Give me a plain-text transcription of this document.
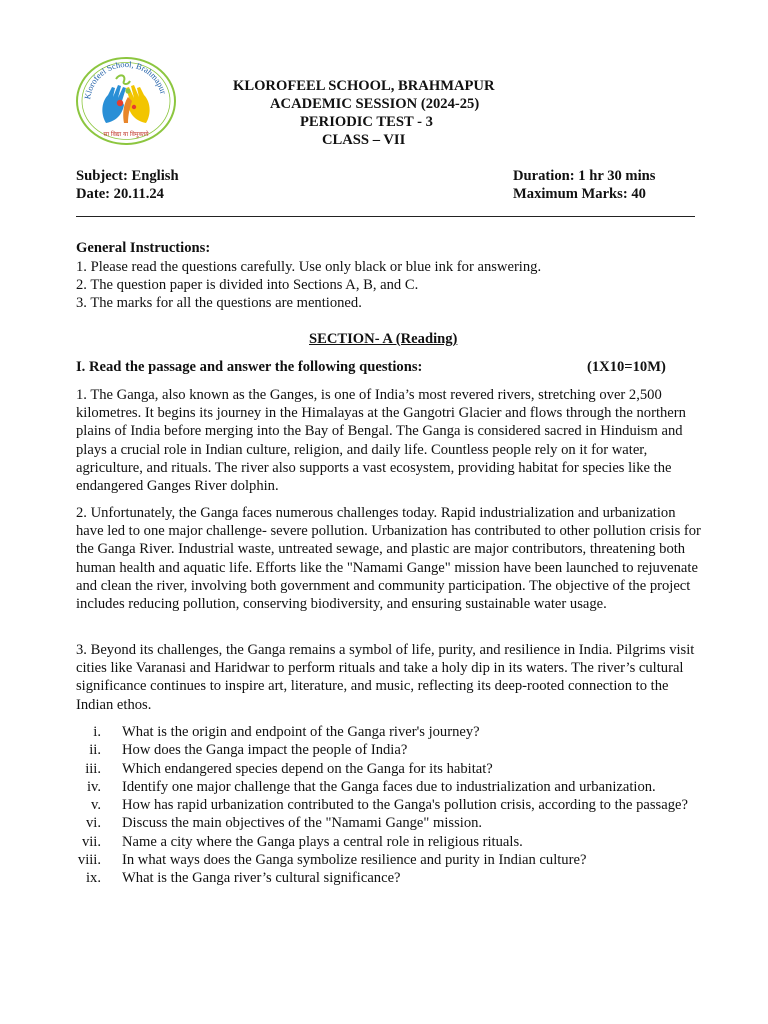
Klorofeel School, Brahmapur
सा विद्या या विमुक्तये
KLOROFEEL SCHOOL, BRAHMAPUR
ACADEMIC SESSION (2024-25)
PERIODIC TEST - 3
CLASS – VII
Subject: English	Duration: 1 hr 30 mins
Date: 20.11.24	Maximum Marks: 40
General Instructions:
1. Please read the questions carefully. Use only black or blue ink for answering.
2. The question paper is divided into Sections A, B, and C.
3. The marks for all the questions are mentioned.
SECTION- A (Reading)
I. Read the passage and answer the following questions:	(1X10=10M)
1. The Ganga, also known as the Ganges, is one of India’s most revered rivers, stretching over 2,500 kilometres. It begins its journey in the Himalayas at the Gangotri Glacier and flows through the northern plains of India before merging into the Bay of Bengal. The Ganga is considered sacred in Hinduism and plays a crucial role in Indian culture, religion, and daily life. Countless people rely on it for water, agriculture, and rituals. The river also supports a vast ecosystem, providing habitat for species like the endangered Ganges River dolphin.
2. Unfortunately, the Ganga faces numerous challenges today. Rapid industrialization and urbanization have led to one major challenge- severe pollution. Urbanization has contributed to other pollution crisis for the Ganga River. Industrial waste, untreated sewage, and plastic are major contributors, threatening both human health and aquatic life. Efforts like the "Namami Gange" mission have been launched to rejuvenate and clean the river, involving both government and community participation. The objective of the project includes reducing pollution, conserving biodiversity, and ensuring sustainable water usage.
3. Beyond its challenges, the Ganga remains a symbol of life, purity, and resilience in India. Pilgrims visit cities like Varanasi and Haridwar to perform rituals and take a holy dip in its waters. The river’s cultural significance continues to inspire art, literature, and music, reflecting its deep-rooted connection to the Indian ethos.
i. What is the origin and endpoint of the Ganga river's journey?
ii. How does the Ganga impact the people of India?
iii. Which endangered species depend on the Ganga for its habitat?
iv. Identify one major challenge that the Ganga faces due to industrialization and urbanization.
v. How has rapid urbanization contributed to the Ganga's pollution crisis, according to the passage?
vi. Discuss the main objectives of the "Namami Gange" mission.
vii. Name a city where the Ganga plays a central role in religious rituals.
viii. In what ways does the Ganga symbolize resilience and purity in Indian culture?
ix. What is the Ganga river’s cultural significance?
